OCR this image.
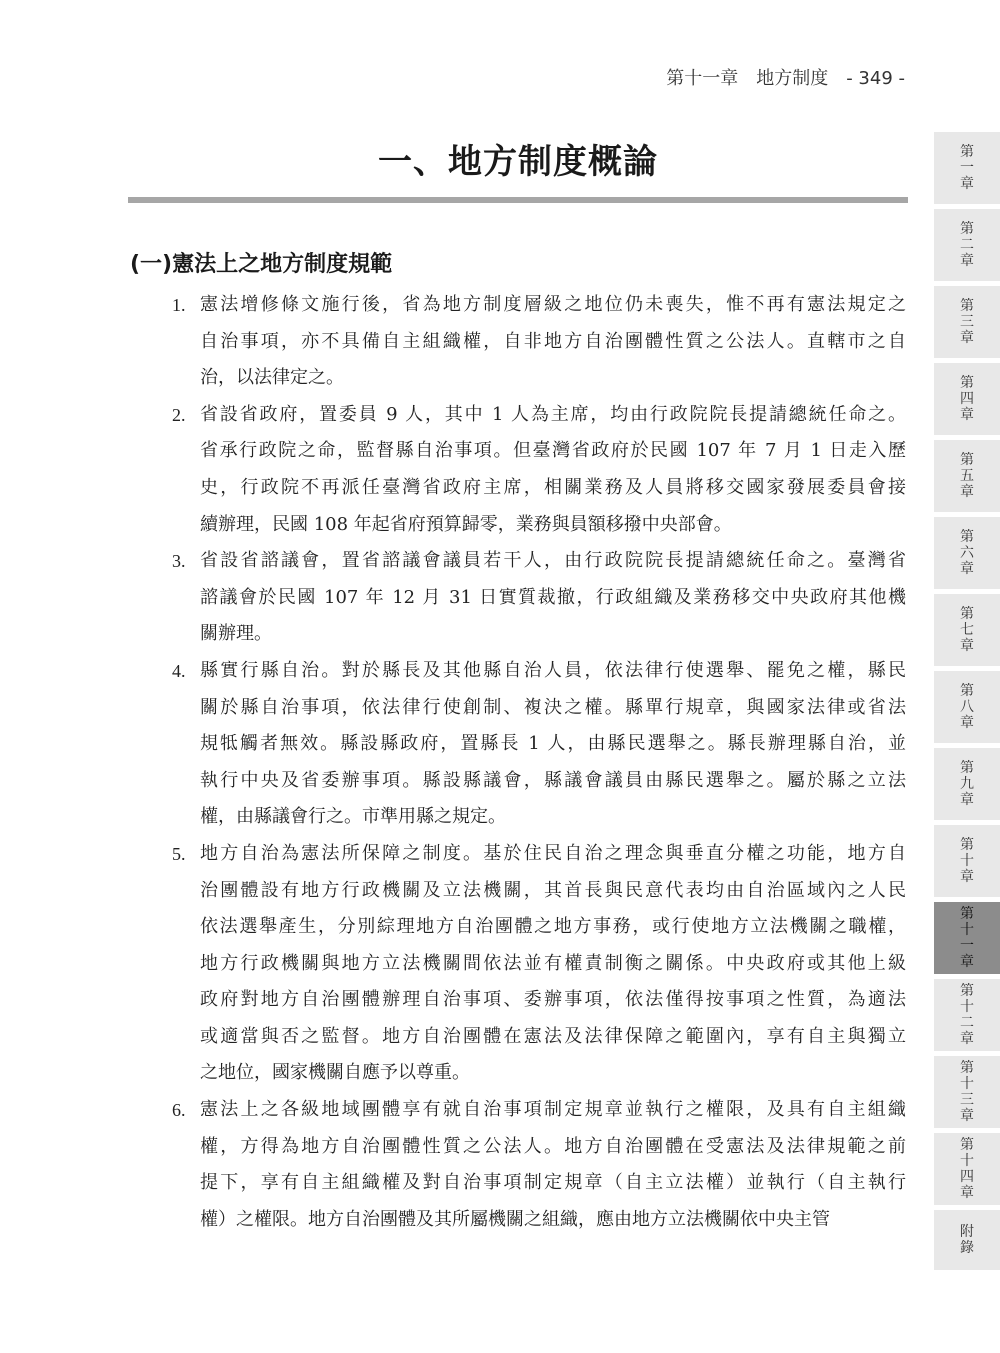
第十一章 地方制度 - 349 -
一、地方制度概論
(一)憲法上之地方制度規範
1. 憲法增修條文施行後，省為地方制度層級之地位仍未喪失，惟不再有憲法規定之
自治事項，亦不具備自主組織權，自非地方自治團體性質之公法人。直轄市之自
治，以法律定之。
2. 省設省政府，置委員 9 人，其中 1 人為主席，均由行政院院長提請總統任命之。
省承行政院之命，監督縣自治事項。但臺灣省政府於民國 107 年 7 月 1 日走入歷
史，行政院不再派任臺灣省政府主席，相關業務及人員將移交國家發展委員會接
續辦理，民國 108 年起省府預算歸零，業務與員額移撥中央部會。
3. 省設省諮議會，置省諮議會議員若干人，由行政院院長提請總統任命之。臺灣省
諮議會於民國 107 年 12 月 31 日實質裁撤，行政組織及業務移交中央政府其他機
關辦理。
4. 縣實行縣自治。對於縣長及其他縣自治人員，依法律行使選舉、罷免之權，縣民
關於縣自治事項，依法律行使創制、複決之權。縣單行規章，與國家法律或省法
規牴觸者無效。縣設縣政府，置縣長 1 人，由縣民選舉之。縣長辦理縣自治，並
執行中央及省委辦事項。縣設縣議會，縣議會議員由縣民選舉之。屬於縣之立法
權，由縣議會行之。市準用縣之規定。
5. 地方自治為憲法所保障之制度。基於住民自治之理念與垂直分權之功能，地方自
治團體設有地方行政機關及立法機關，其首長與民意代表均由自治區域內之人民
依法選舉產生，分別綜理地方自治團體之地方事務，或行使地方立法機關之職權，
地方行政機關與地方立法機關間依法並有權責制衡之關係。中央政府或其他上級
政府對地方自治團體辦理自治事項、委辦事項，依法僅得按事項之性質，為適法
或適當與否之監督。地方自治團體在憲法及法律保障之範圍內，享有自主與獨立
之地位，國家機關自應予以尊重。
6. 憲法上之各級地域團體享有就自治事項制定規章並執行之權限，及具有自主組織
權，方得為地方自治團體性質之公法人。地方自治團體在受憲法及法律規範之前
提下，享有自主組織權及對自治事項制定規章（自主立法權）並執行（自主執行
權）之權限。地方自治團體及其所屬機關之組織，應由地方立法機關依中央主管
第
一
章
第
二
章
第
三
章
第
四
章
第
五
章
第
六
章
第
七
章
第
八
章
第
九
章
第
十
章
第
十
一
章
第
十
二
章
第
十
三
章
第
十
四
章
附
錄
